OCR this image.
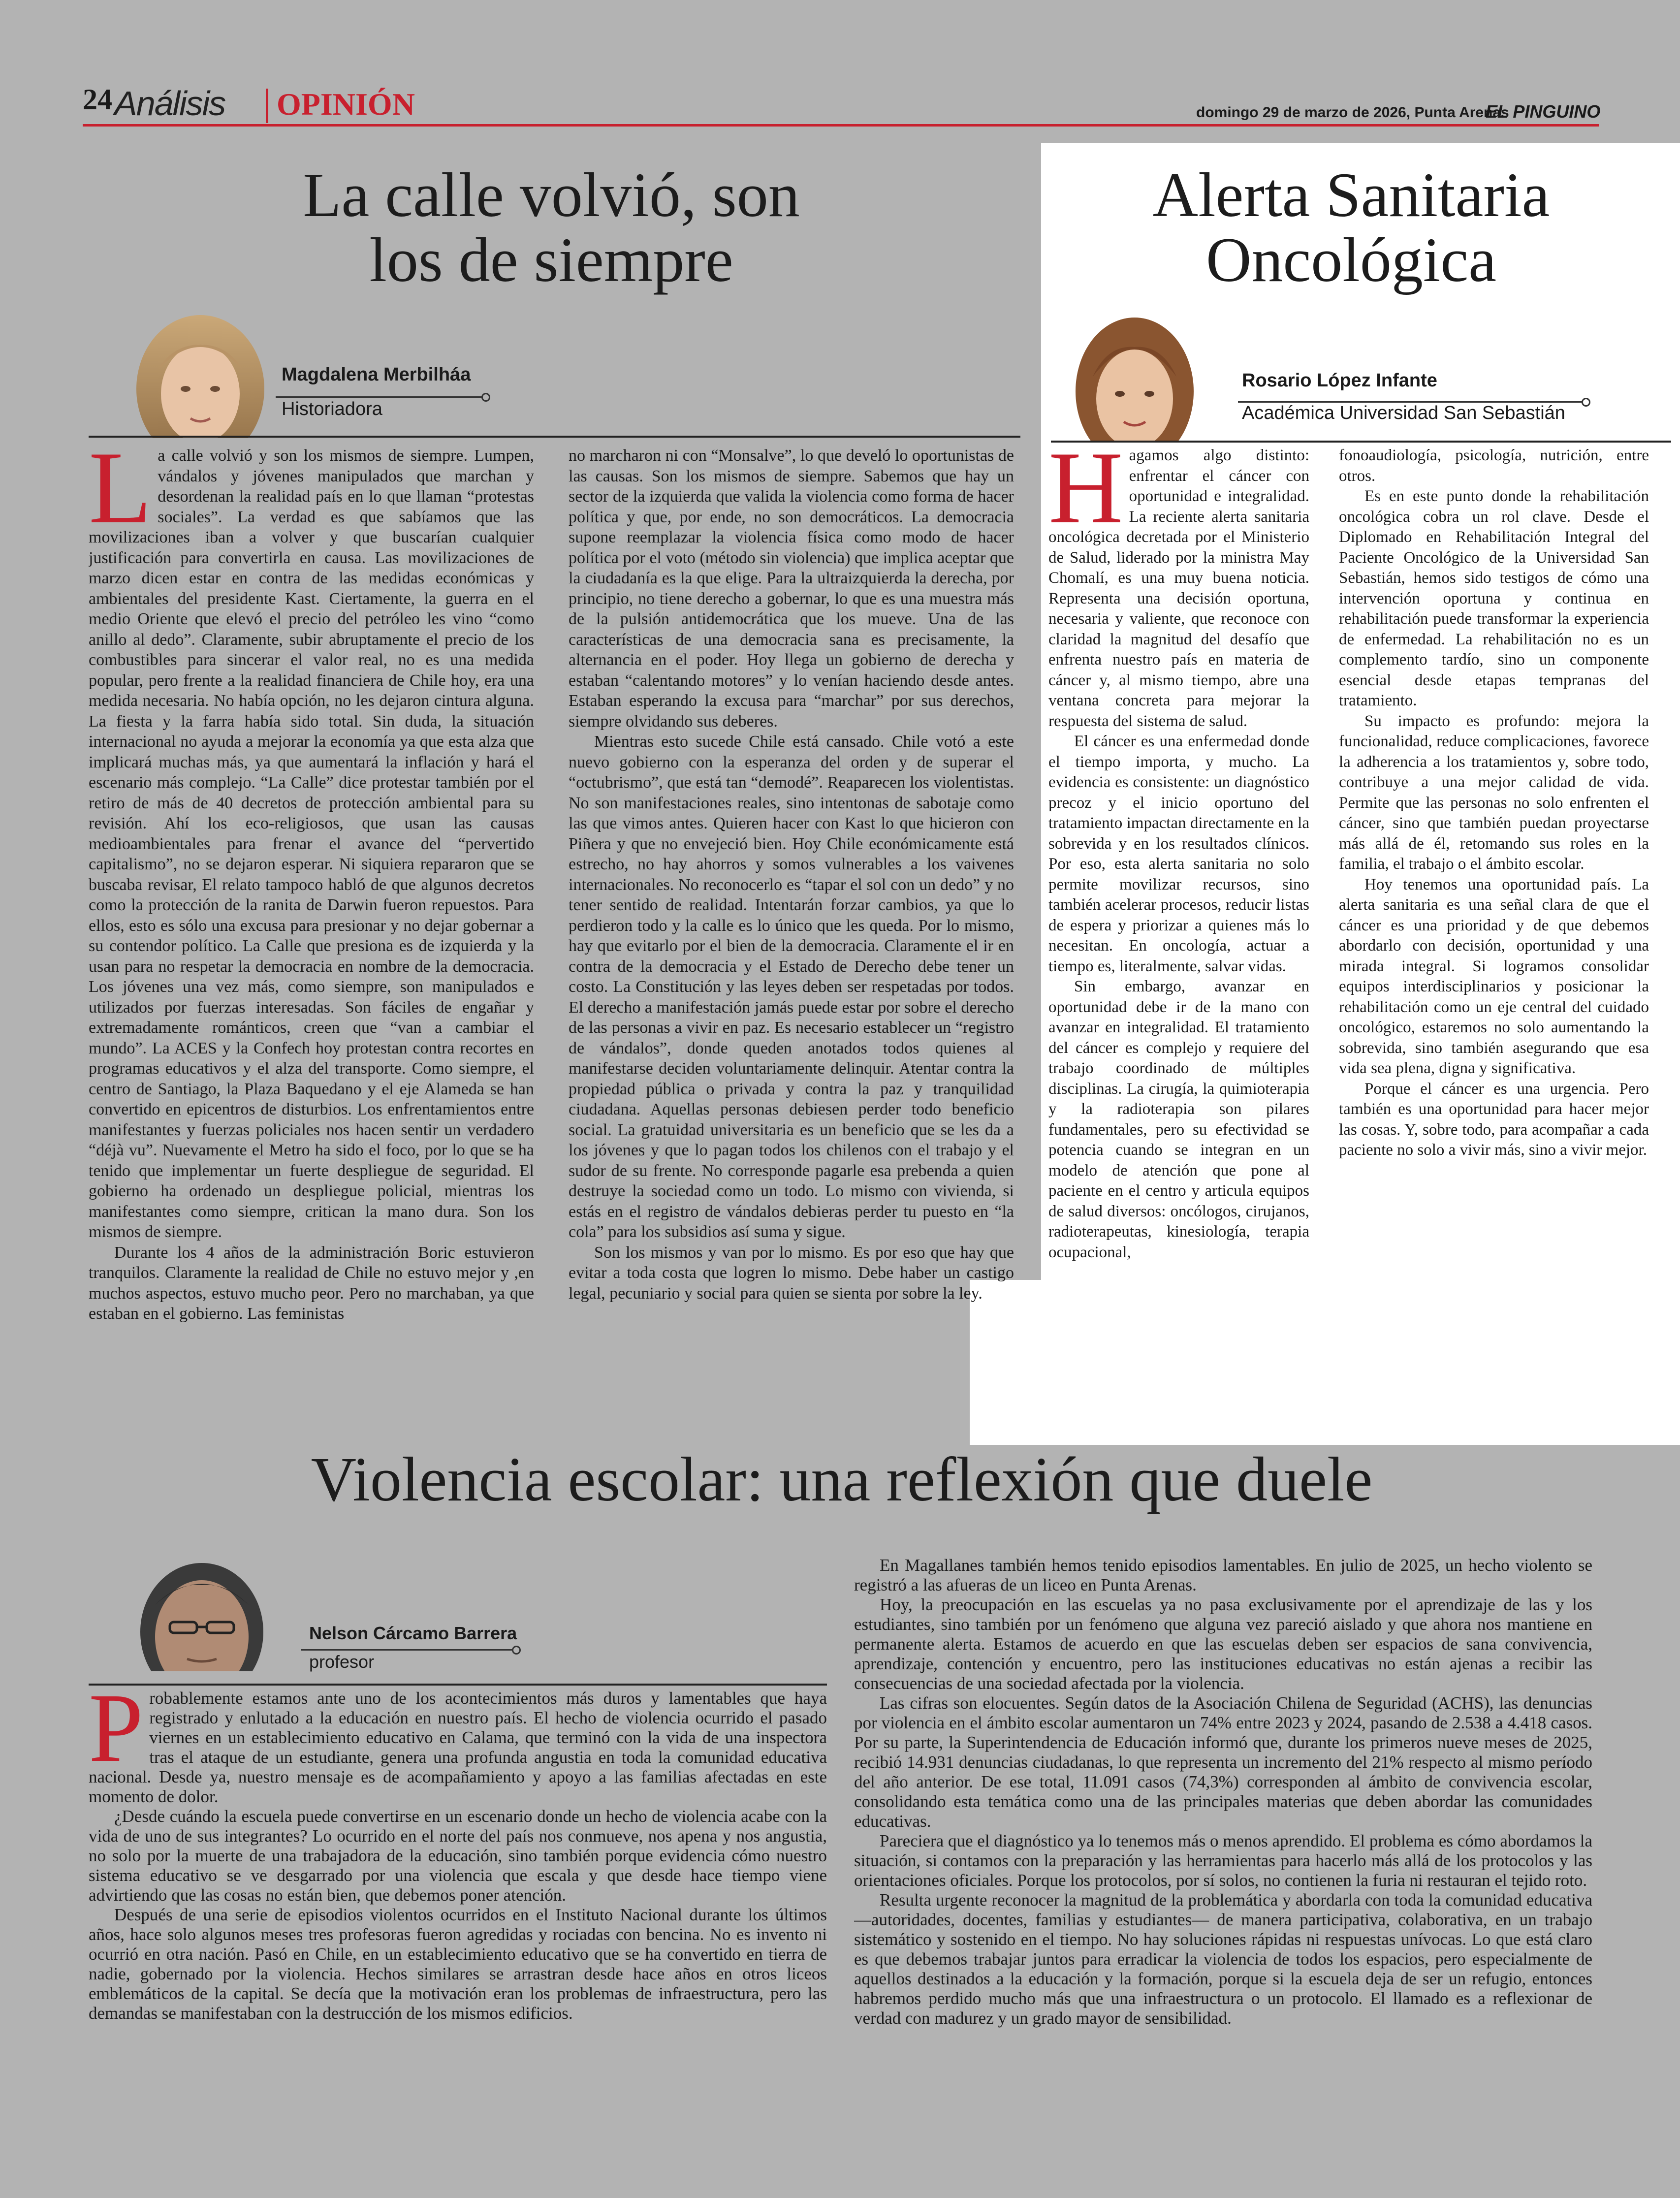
24 Análisis OPINIÓN	domingo 29 de marzo de 2026, Punta Arenas
EL PINGUINO
La calle volvió, son
los de siempre
Magdalena Merbilháa
Historiadora
L a calle volvió y son los mismos de siempre. Lumpen, vándalos y jóvenes manipulados que marchan y desordenan la realidad país en lo que llaman “protestas sociales”. La verdad es que sabíamos que las movilizaciones iban a volver y que buscarían cualquier justificación para convertirla en causa. Las movilizaciones de marzo dicen estar en contra de las medidas económicas y ambientales del presidente Kast. Ciertamente, la guerra en el medio Oriente que elevó el precio del petróleo les vino “como anillo al dedo”. Claramente, subir abruptamente el precio de los combustibles para sincerar el valor real, no es una medida popular, pero frente a la realidad financiera de Chile hoy, era una medida necesaria. No había opción, no les dejaron cintura alguna. La fiesta y la farra había sido total. Sin duda, la situación internacional no ayuda a mejorar la economía ya que esta alza que implicará muchas más, ya que aumentará la inflación y hará el escenario más complejo. “La Calle” dice protestar también por el retiro de más de 40 decretos de protección ambiental para su revisión. Ahí los eco-religiosos, que usan las causas medioambientales para frenar el avance del “pervertido capitalismo”, no se dejaron esperar. Ni siquiera repararon que se buscaba revisar, El relato tampoco habló de que algunos decretos como la protección de la ranita de Darwin fueron repuestos. Para ellos, esto es sólo una excusa para presionar y no dejar gobernar a su contendor político. La Calle que presiona es de izquierda y la usan para no respetar la democracia en nombre de la democracia. Los jóvenes una vez más, como siempre, son manipulados e utilizados por fuerzas interesadas. Son fáciles de engañar y extremadamente románticos, creen que “van a cambiar el mundo”. La ACES y la Confech hoy protestan contra recortes en programas educativos y el alza del transporte. Como siempre, el centro de Santiago, la Plaza Baquedano y el eje Alameda se han convertido en epicentros de disturbios. Los enfrentamientos entre manifestantes y fuerzas policiales nos hacen sentir un verdadero “déjà vu”. Nuevamente el Metro ha sido el foco, por lo que se ha tenido que implementar un fuerte despliegue de seguridad. El gobierno ha ordenado un despliegue policial, mientras los manifestantes como siempre, critican la mano dura. Son los mismos de siempre.

Durante los 4 años de la administración Boric estuvieron tranquilos. Claramente la realidad de Chile no estuvo mejor y ,en muchos aspectos, estuvo mucho peor. Pero no marchaban, ya que estaban en el gobierno. Las feministas

no marcharon ni con “Monsalve”, lo que develó lo oportunistas de las causas. Son los mismos de siempre. Sabemos que hay un sector de la izquierda que valida la violencia como forma de hacer política y que, por ende, no son democráticos. La democracia supone reemplazar la violencia física como modo de hacer política por el voto (método sin violencia) que implica aceptar que la ciudadanía es la que elige. Para la ultraizquierda la derecha, por principio, no tiene derecho a gobernar, lo que es una muestra más de la pulsión antidemocrática que los mueve. Una de las características de una democracia sana es precisamente, la alternancia en el poder. Hoy llega un gobierno de derecha y estaban “calentando motores” y lo venían haciendo desde antes. Estaban esperando la excusa para “marchar” por sus derechos, siempre olvidando sus deberes.

Mientras esto sucede Chile está cansado. Chile votó a este nuevo gobierno con la esperanza del orden y de superar el “octubrismo”, que está tan “demodé”. Reaparecen los violentistas. No son manifestaciones reales, sino intentonas de sabotaje como las que vimos antes. Quieren hacer con Kast lo que hicieron con Piñera y que no envejeció bien. Hoy Chile económicamente está estrecho, no hay ahorros y somos vulnerables a los vaivenes internacionales. No reconocerlo es “tapar el sol con un dedo” y no tener sentido de realidad. Intentarán forzar cambios, ya que lo perdieron todo y la calle es lo único que les queda. Por lo mismo, hay que evitarlo por el bien de la democracia. Claramente el ir en contra de la democracia y el Estado de Derecho debe tener un costo. La Constitución y las leyes deben ser respetadas por todos. El derecho a manifestación jamás puede estar por sobre el derecho de las personas a vivir en paz. Es necesario establecer un “registro de vándalos”, donde queden anotados todos quienes al manifestarse deciden voluntariamente delinquir. Atentar contra la propiedad pública o privada y contra la paz y tranquilidad ciudadana. Aquellas personas debiesen perder todo beneficio social. La gratuidad universitaria es un beneficio que se les da a los jóvenes y que lo pagan todos los chilenos con el trabajo y el sudor de su frente. No corresponde pagarle esa prebenda a quien destruye la sociedad como un todo. Lo mismo con vivienda, si estás en el registro de vándalos debieras perder tu puesto en “la cola” para los subsidios así suma y sigue.

Son los mismos y van por lo mismo. Es por eso que hay que evitar a toda costa que logren lo mismo. Debe haber un castigo legal, pecuniario y social para quien se sienta por sobre la ley.

Alerta Sanitaria
Oncológica
Rosario López Infante
Académica Universidad San Sebastián
H agamos algo distinto: enfrentar el cáncer con oportunidad e integralidad. La reciente alerta sanitaria oncológica decretada por el Ministerio de Salud, liderado por la ministra May Chomalí, es una muy buena noticia. Representa una decisión oportuna, necesaria y valiente, que reconoce con claridad la magnitud del desafío que enfrenta nuestro país en materia de cáncer y, al mismo tiempo, abre una ventana concreta para mejorar la respuesta del sistema de salud.

El cáncer es una enfermedad donde el tiempo importa, y mucho. La evidencia es consistente: un diagnóstico precoz y el inicio oportuno del tratamiento impactan directamente en la sobrevida y en los resultados clínicos. Por eso, esta alerta sanitaria no solo permite movilizar recursos, sino también acelerar procesos, reducir listas de espera y priorizar a quienes más lo necesitan. En oncología, actuar a tiempo es, literalmente, salvar vidas.

Sin embargo, avanzar en oportunidad debe ir de la mano con avanzar en integralidad. El tratamiento del cáncer es complejo y requiere del trabajo coordinado de múltiples disciplinas. La cirugía, la quimioterapia y la radioterapia son pilares fundamentales, pero su efectividad se potencia cuando se integran en un modelo de atención que pone al paciente en el centro y articula equipos de salud diversos: oncólogos, cirujanos, radioterapeutas, kinesiología, terapia ocupacional,

fonoaudiología, psicología, nutrición, entre otros.

Es en este punto donde la rehabilitación oncológica cobra un rol clave. Desde el Diplomado en Rehabilitación Integral del Paciente Oncológico de la Universidad San Sebastián, hemos sido testigos de cómo una intervención oportuna y continua en rehabilitación puede transformar la experiencia de enfermedad. La rehabilitación no es un complemento tardío, sino un componente esencial desde etapas tempranas del tratamiento.

Su impacto es profundo: mejora la funcionalidad, reduce complicaciones, favorece la adherencia a los tratamientos y, sobre todo, contribuye a una mejor calidad de vida. Permite que las personas no solo enfrenten el cáncer, sino que también puedan proyectarse más allá de él, retomando sus roles en la familia, el trabajo o el ámbito escolar.

Hoy tenemos una oportunidad país. La alerta sanitaria es una señal clara de que el cáncer es una prioridad y de que debemos abordarlo con decisión, oportunidad y una mirada integral. Si logramos consolidar equipos interdisciplinarios y posicionar la rehabilitación como un eje central del cuidado oncológico, estaremos no solo aumentando la sobrevida, sino también asegurando que esa vida sea plena, digna y significativa.

Porque el cáncer es una urgencia. Pero también es una oportunidad para hacer mejor las cosas. Y, sobre todo, para acompañar a cada paciente no solo a vivir más, sino a vivir mejor.

Violencia escolar: una reflexión que duele
Nelson Cárcamo Barrera
profesor
P robablemente estamos ante uno de los acontecimientos más duros y lamentables que haya registrado y enlutado a la educación en nuestro país. El hecho de violencia ocurrido el pasado viernes en un establecimiento educativo en Calama, que terminó con la vida de una inspectora tras el ataque de un estudiante, genera una profunda angustia en toda la comunidad educativa nacional. Desde ya, nuestro mensaje es de acompañamiento y apoyo a las familias afectadas en este momento de dolor.

¿Desde cuándo la escuela puede convertirse en un escenario donde un hecho de violencia acabe con la vida de uno de sus integrantes? Lo ocurrido en el norte del país nos conmueve, nos apena y nos angustia, no solo por la muerte de una trabajadora de la educación, sino también porque evidencia cómo nuestro sistema educativo se ve desgarrado por una violencia que escala y que desde hace tiempo viene advirtiendo que las cosas no están bien, que debemos poner atención.

Después de una serie de episodios violentos ocurridos en el Instituto Nacional durante los últimos años, hace solo algunos meses tres profesoras fueron agredidas y rociadas con bencina. No es invento ni ocurrió en otra nación. Pasó en Chile, en un establecimiento educativo que se ha convertido en tierra de nadie, gobernado por la violencia. Hechos similares se arrastran desde hace años en otros liceos emblemáticos de la capital. Se decía que la motivación eran los problemas de infraestructura, pero las demandas se manifestaban con la destrucción de los mismos edificios.

En Magallanes también hemos tenido episodios lamentables. En julio de 2025, un hecho violento se registró a las afueras de un liceo en Punta Arenas.

Hoy, la preocupación en las escuelas ya no pasa exclusivamente por el aprendizaje de las y los estudiantes, sino también por un fenómeno que alguna vez pareció aislado y que ahora nos mantiene en permanente alerta. Estamos de acuerdo en que las escuelas deben ser espacios de sana convivencia, aprendizaje, contención y encuentro, pero las instituciones educativas no están ajenas a recibir las consecuencias de una sociedad afectada por la violencia.

Las cifras son elocuentes. Según datos de la Asociación Chilena de Seguridad (ACHS), las denuncias por violencia en el ámbito escolar aumentaron un 74% entre 2023 y 2024, pasando de 2.538 a 4.418 casos. Por su parte, la Superintendencia de Educación informó que, durante los primeros nueve meses de 2025, recibió 14.931 denuncias ciudadanas, lo que representa un incremento del 21% respecto al mismo período del año anterior. De ese total, 11.091 casos (74,3%) corresponden al ámbito de convivencia escolar, consolidando esta temática como una de las principales materias que deben abordar las comunidades educativas.

Pareciera que el diagnóstico ya lo tenemos más o menos aprendido. El problema es cómo abordamos la situación, si contamos con la preparación y las herramientas para hacerlo más allá de los protocolos y las orientaciones oficiales. Porque los protocolos, por sí solos, no contienen la furia ni restauran el tejido roto.

Resulta urgente reconocer la magnitud de la problemática y abordarla con toda la comunidad educativa —autoridades, docentes, familias y estudiantes— de manera participativa, colaborativa, en un trabajo sistemático y sostenido en el tiempo. No hay soluciones rápidas ni respuestas unívocas. Lo que está claro es que debemos trabajar juntos para erradicar la violencia de todos los espacios, pero especialmente de aquellos destinados a la educación y la formación, porque si la escuela deja de ser un refugio, entonces habremos perdido mucho más que una infraestructura o un protocolo. El llamado es a reflexionar de verdad con madurez y un grado mayor de sensibilidad.
